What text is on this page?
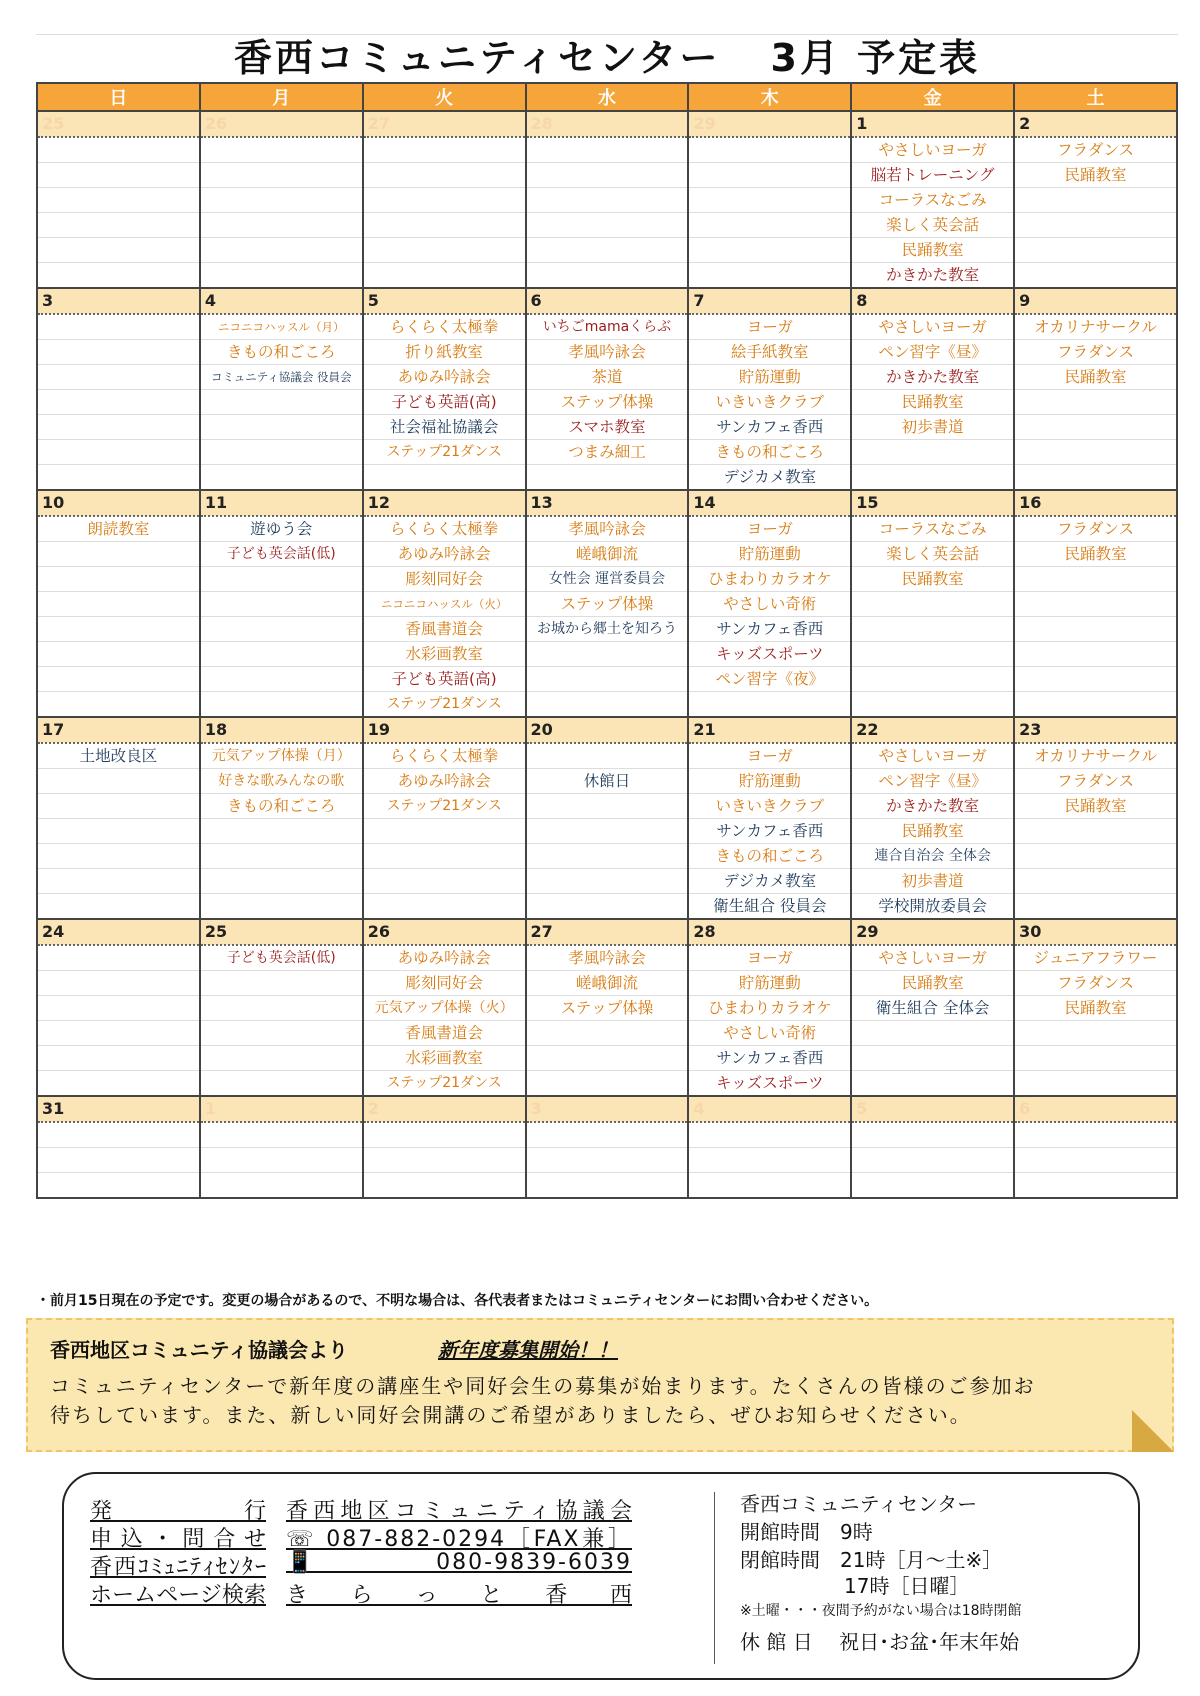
香西コミュニティセンター 3月 予定表
日	月	火	水	木	金	土
25	26	27	28	29	1	2
					やさしいヨーガ	フラダンス
					脳若トレーニング	民踊教室
					コーラスなごみ	
					楽しく英会話	
					民踊教室	
					かきかた教室	
3	4	5	6	7	8	9
	ニコニコハッスル（月）	らくらく太極拳	いちごmamaくらぶ	ヨーガ	やさしいヨーガ	オカリナサークル
	きもの和ごころ	折り紙教室	孝風吟詠会	絵手紙教室	ペン習字《昼》	フラダンス
	コミュニティ協議会 役員会	あゆみ吟詠会	茶道	貯筋運動	かきかた教室	民踊教室
		子ども英語(高)	ステップ体操	いきいきクラブ	民踊教室	
		社会福祉協議会	スマホ教室	サンカフェ香西	初歩書道	
		ステップ21ダンス	つまみ細工	きもの和ごころ		
				デジカメ教室		
10	11	12	13	14	15	16
朗読教室	遊ゆう会	らくらく太極拳	孝風吟詠会	ヨーガ	コーラスなごみ	フラダンス
	子ども英会話(低)	あゆみ吟詠会	嵯峨御流	貯筋運動	楽しく英会話	民踊教室
		彫刻同好会	女性会 運営委員会	ひまわりカラオケ	民踊教室	
		ニコニコハッスル（火）	ステップ体操	やさしい奇術		
		香風書道会	お城から郷土を知ろう	サンカフェ香西		
		水彩画教室		キッズスポーツ		
		子ども英語(高)		ペン習字《夜》		
		ステップ21ダンス				
17	18	19	20	21	22	23
土地改良区	元気アップ体操（月）	らくらく太極拳		ヨーガ	やさしいヨーガ	オカリナサークル
	好きな歌みんなの歌	あゆみ吟詠会	休館日	貯筋運動	ペン習字《昼》	フラダンス
	きもの和ごころ	ステップ21ダンス		いきいきクラブ	かきかた教室	民踊教室
				サンカフェ香西	民踊教室	
				きもの和ごころ	連合自治会 全体会	
				デジカメ教室	初歩書道	
				衛生組合 役員会	学校開放委員会	
24	25	26	27	28	29	30
	子ども英会話(低)	あゆみ吟詠会	孝風吟詠会	ヨーガ	やさしいヨーガ	ジュニアフラワー
		彫刻同好会	嵯峨御流	貯筋運動	民踊教室	フラダンス
		元気アップ体操（火）	ステップ体操	ひまわりカラオケ	衛生組合 全体会	民踊教室
		香風書道会		やさしい奇術		
		水彩画教室		サンカフェ香西		
		ステップ21ダンス		キッズスポーツ		
31	1	2	3	4	5	6

・前月15日現在の予定です。変更の場合があるので、不明な場合は、各代表者またはコミュニティセンターにお問い合わせください。
香西地区コミュニティ協議会より	新年度募集開始！！
コミュニティセンターで新年度の講座生や同好会生の募集が始まります。たくさんの皆様のご参加お
待ちしています。また、新しい同好会開講のご希望がありましたら、ぜひお知らせください。
発行 香西地区コミュニティ協議会
申込・問合せ ☏ 087-882-0294［FAX兼］
香西ｺﾐｭﾆﾃｨｾﾝﾀｰ 📱080-9839-6039
ホームページ検索 きらっと香西
香西コミュニティセンター
開館時間　9時
閉館時間　21時［月～土※］
17時［日曜］
※土曜・・・夜間予約がない場合は18時閉館
休 館 日　 祝日･お盆･年末年始
